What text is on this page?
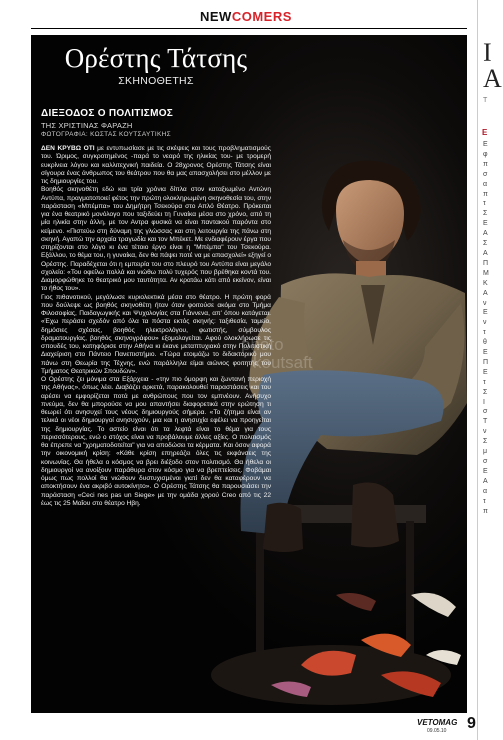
NEWCOMERS
photo
koutsaft
Ορέστης Τάτσης
ΣΚΗΝΟΘΕΤΗΣ
ΔΙΕΞΟΔΟΣ Ο ΠΟΛΙΤΙΣΜΟΣ
ΤΗΣ ΧΡΙΣΤΙΝΑΣ ΦΑΡΑΖΗ
ΦΩΤΟΓΡΑΦΙΑ: ΚΩΣΤΑΣ ΚΟΥΤΣΑΥΤΙΚΗΣ

ΔΕΝ ΚΡΥΒΩ ΟΤΙ με εντυπωσίασε με τις σκέψεις και τους προβληματισμούς του. Ώριμος, συγκροτημένος -παρά το νεαρό της ηλικίας του- με τρομερή ευκρίνεια λόγου και καλλιτεχνική παιδεία. Ο 28χρονος Ορέστης Τάτσης είναι σίγουρα ένας άνθρωπος του θεάτρου που θα μας απασχολήσει στο μέλλον με τις δημιουργίες του.

Βοηθός σκηνοθέτη εδώ και τρία χρόνια δίπλα στον καταξιωμένο Αντώνη Αντύπα, πραγματοποιεί φέτος την πρώτη ολοκληρωμένη σκηνοθεσία του, στην παράσταση «Μπέμπα» του Δημήτρη Τσεκούρα στο Απλό Θέατρο. Πρόκειται για ένα θεατρικό μονόλογο που ταξιδεύει τη Γυναίκα μέσα στο χρόνο, από τη μία ηλικία στην άλλη, με τον Αντρα φυσικά να είναι παντακού παρόντα στο κείμενο. «Πιστεύω στη δύναμη της γλώσσας και στη λειτουργία της πάνω στη σκηνή. Αγαπώ την αρχαία τραγωδία και τον Μπέκετ. Με ενδιαφέρουν έργα που στηρίζονται στο λόγο κι ένα τέτοιο έργο είναι η "Μπέμπα" του Τσεκούρα. Εξάλλου, το θέμα του, η γυναίκα, δεν θα πάψει ποτέ να με απασχολεί» εξηγεί ο Ορέστης. Παραδέχεται ότι η εμπειρία του στο πλευρό του Αντύπα είναι μεγάλο σχολείο: «Του οφείλω πολλά και νιώθω πολύ τυχερός που βρέθηκα κοντά του. Διαμορφώθηκε το θεατρικό μου ταυτότητα. Αν κρατάω κάτι από εκείνον, είναι το ήθος του».

Γιος πιθανοτικού, μεγάλωσε κυριολεκτικά μέσα στο θέατρο. Η πρώτη φορά που δούλεψε ως βοηθός σκηνοθέτη ήταν όταν φοιτούσε ακόμα στο Τμήμα Φιλοσοφίας, Παιδαγωγικής και Ψυχολογίας στα Γιάννενα, απ' όπου κατάγεται. «Έχω περάσει σχεδόν από όλα τα πόστα εκτός σκηνής: ταξιθεσία, ταμείο, δημόσιες σχέσεις, βοηθός ηλεκτρολόγου, φωτιστής, σύμβουλος δραματουργίας, βοηθός σκηνογράφου» εξομολογείται. Αφού ολοκλήρωσε τις σπουδές του, κατηφόρισε στην Αθήνα κι έκανε μεταπτυχιακό στην Πολιτιστική Διαχείριση στο Πάντειο Πανεπιστήμιο. «Τώρα ετοιμάζω το διδακτορικό μου πάνω στη Θεωρία της Τέχνης, ενώ παράλληλα είμαι αιώνιος φοιτητής του Τμήματος Θεατρικών Σπουδών».

Ο Ορέστης ζει μόνιμα στα Εξάρχεια - «την πιο όμορφη και ζωντανή περιοχή της Αθήνας», όπως λέει. Διαβάζει αρκετά, παρακολουθεί παραστάσεις και του αρέσει να εμφορίζεται ποτά με ανθρώπους που τον εμπνέουν. Ανήσυχο πνεύμα, δεν θα μπορούσε να μου απαντήσει διαφορετικά στην ερώτηση τι θεωρεί ότι ανησυχεί τους νέους δημιουργούς σήμερα. «Το ζήτημα είναι αν τελικά οι νέοι δημιουργοί ανησυχούν, μια και η ανησυχία εφέλει να προηγείται της δημιουργίας. Το αστείο είναι ότι τα λεφτά είναι το θέμα για τους περισσότερους, ενώ ο στόχος είναι να προβάλουμε άλλες αξίες. Ο πολιτισμός θα έπρεπε να "χρηματοδοτείται" για να αποδώσει τα κέρματα. Και όσον αφορά την οικονομική κρίση: «Κάθε κρίση επηρεάζει όλες τις εκφάνσεις της κοινωνίας. Θα ήθελα ο κόσμος να βρει διέξοδο στον πολιτισμό. Θα ήθελα οι δημιουργοί να ανοίξουν παράθυρα στον κόσμο για να βρεπτείσεις. Φοβάμαι όμως πως πολλοί θα νιώθουν δυστυχισμένοι γιατί δεν θα καταφέρουν να αποκτήσουν ένα ακριβό αυτοκίνητο». Ο Ορέστης Τάτσης θα παρουσιάσει την παράσταση «Ceci nes pas un Siege» με την ομάδα χορού Creo από τις 22 έως τις 25 Μαΐου στο θέατρο Ηβη.

VETOMAG
09.05.10 9
Ι
Α
Τ
Ε
Ε
φ
π
σ
α
π
τ
Σ
Ε
Α
Σ
Α
Π
Μ
Κ
Α
ν
Ε
ν
τ
θ
Ε
Π
Ε
τ
Σ
Ι
σ
Τ
ν
Σ
μ
σ
Ε
Α
α
τ
π
